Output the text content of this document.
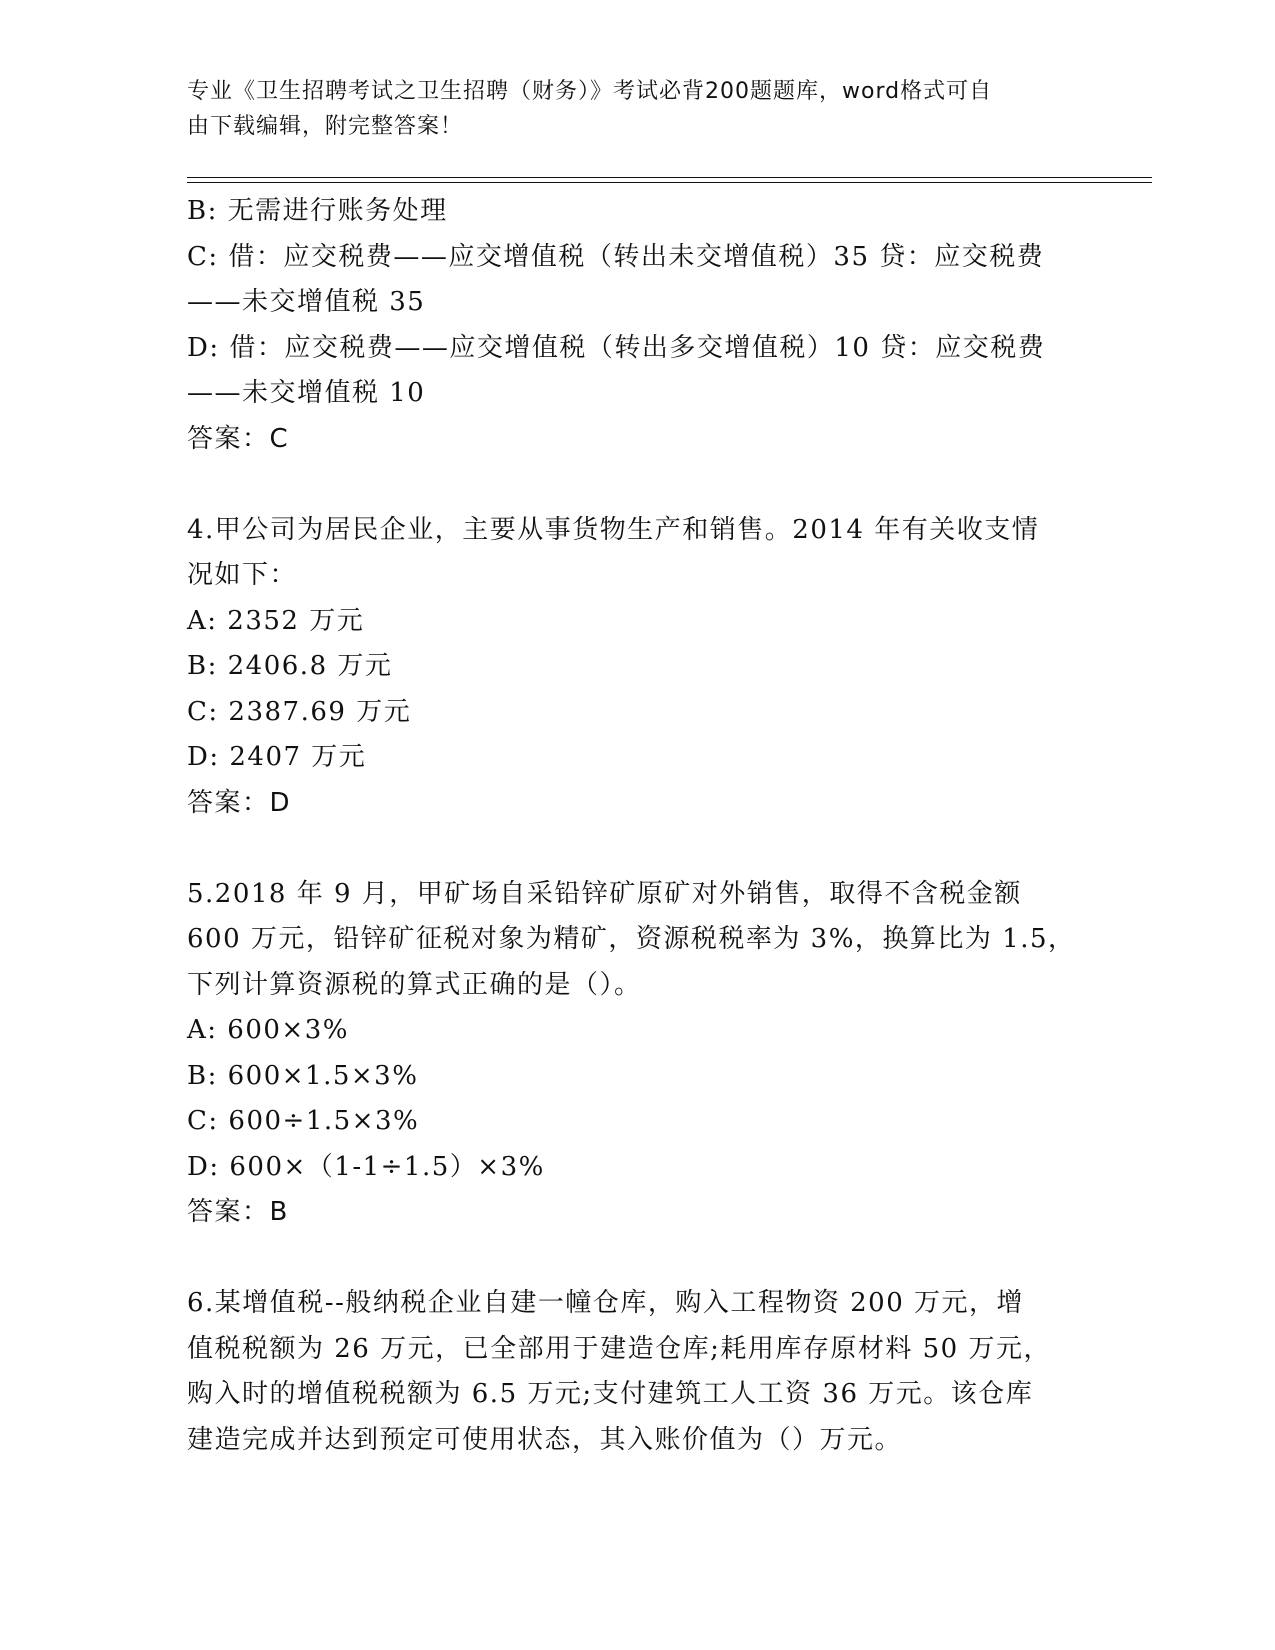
专业《卫生招聘考试之卫生招聘（财务）》考试必背200题题库，word格式可自
由下载编辑，附完整答案！
B: 无需进行账务处理
C: 借：应交税费——应交增值税（转出未交增值税）35 贷：应交税费
——未交增值税 35
D: 借：应交税费——应交增值税（转出多交增值税）10 贷：应交税费
——未交增值税 10
答案：C
4.甲公司为居民企业，主要从事货物生产和销售。2014 年有关收支情
况如下：
A: 2352 万元
B: 2406.8 万元
C: 2387.69 万元
D: 2407 万元
答案：D
5.2018 年 9 月，甲矿场自采铅锌矿原矿对外销售，取得不含税金额
600 万元，铅锌矿征税对象为精矿，资源税税率为 3%，换算比为 1.5，
下列计算资源税的算式正确的是（）。
A: 600×3%
B: 600×1.5×3%
C: 600÷1.5×3%
D: 600×（1-1÷1.5）×3%
答案：B
6.某增值税--般纳税企业自建一幢仓库，购入工程物资 200 万元，增
值税税额为 26 万元，已全部用于建造仓库;耗用库存原材料 50 万元，
购入时的增值税税额为 6.5 万元;支付建筑工人工资 36 万元。该仓库
建造完成并达到预定可使用状态，其入账价值为（）万元。
